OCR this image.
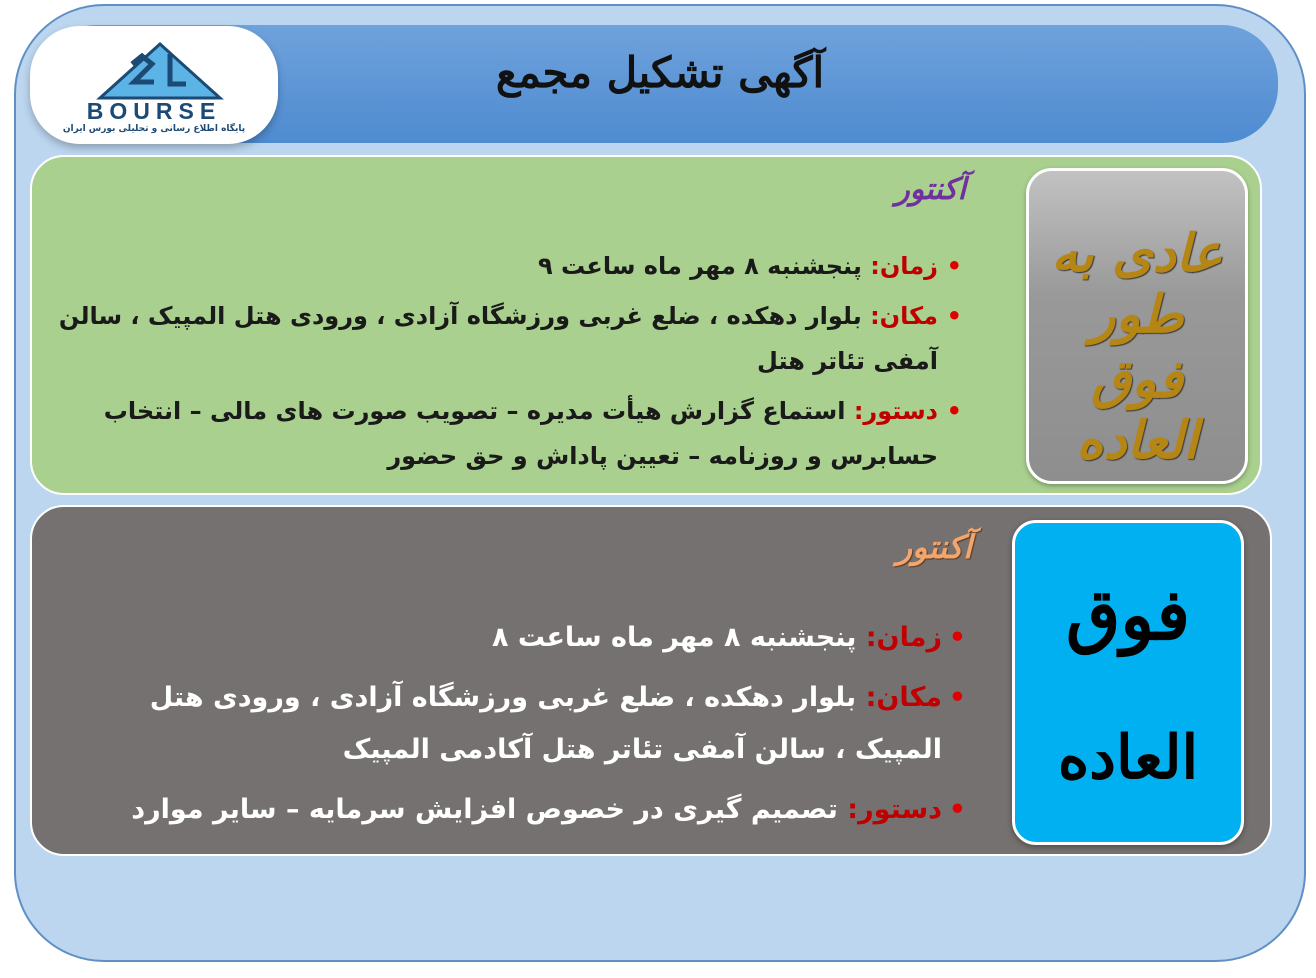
آگهی تشکیل مجمع
BOURSE
پایگاه اطلاع رسانی و تحلیلی بورس ایران
عادی به طور
فوق العاده
آکنتور
• زمان: پنجشنبه ۸ مهر ماه ساعت ۹
• مکان: بلوار دهکده ، ضلع غربی ورزشگاه آزادی ، ورودی هتل المپیک ، سالن آمفی تئاتر هتل
• دستور: استماع گزارش هیأت مدیره – تصویب صورت های مالی – انتخاب حسابرس و روزنامه – تعیین پاداش و حق حضور
فوق
العاده
آکنتور
• زمان: پنجشنبه ۸ مهر ماه ساعت ۸
• مکان: بلوار دهکده ، ضلع غربی ورزشگاه آزادی ، ورودی هتل المپیک ، سالن آمفی تئاتر هتل آکادمی المپیک
• دستور: تصمیم گیری در خصوص افزایش سرمایه – سایر موارد
